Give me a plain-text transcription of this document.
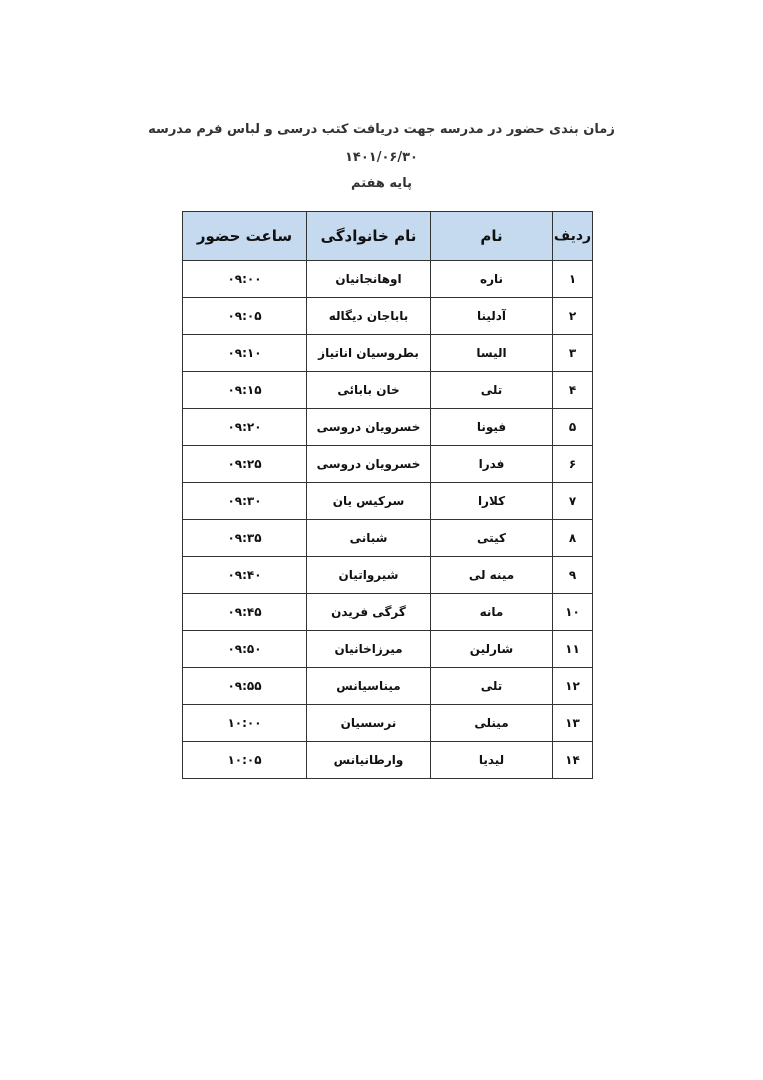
زمان بندی حضور در مدرسه جهت دریافت کتب درسی و لباس فرم مدرسه
۱۴۰۱/۰۶/۳۰
پایه هفتم
ردیف	نام	نام خانوادگی	ساعت حضور
۱	ناره	اوهانجانیان	۰۹:۰۰
۲	آدلینا	باباجان دیگاله	۰۹:۰۵
۳	الیسا	بطروسیان اناتیاز	۰۹:۱۰
۴	تلی	خان بابائی	۰۹:۱۵
۵	فیونا	خسرویان دروسی	۰۹:۲۰
۶	فدرا	خسرویان دروسی	۰۹:۲۵
۷	کلارا	سرکیس یان	۰۹:۳۰
۸	کیتی	شبانی	۰۹:۳۵
۹	مینه لی	شیرواتیان	۰۹:۴۰
۱۰	مانه	گرگی فریدن	۰۹:۴۵
۱۱	شارلین	میرزاخانیان	۰۹:۵۰
۱۲	تلی	میناسیانس	۰۹:۵۵
۱۳	مینلی	نرسسیان	۱۰:۰۰
۱۴	لیدیا	وارطانیانس	۱۰:۰۵
